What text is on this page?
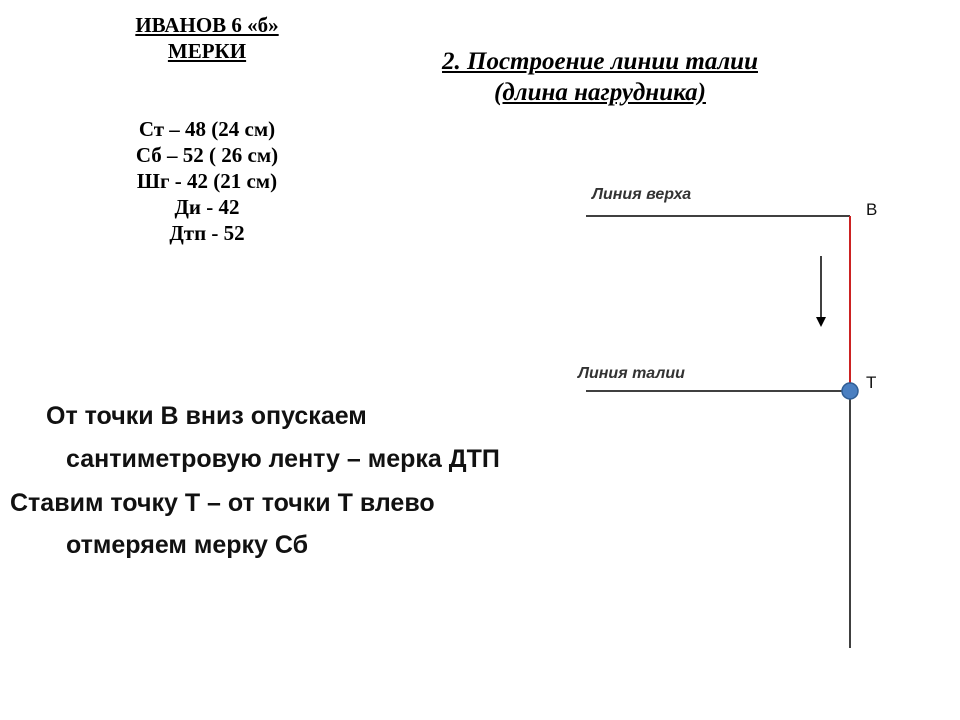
ИВАНОВ 6 «б»
МЕРКИ
Ст – 48 (24 см)
Сб – 52 ( 26 см)
Шг - 42 (21 см)
Ди - 42
Дтп - 52
2. Построение линии талии
(длина нагрудника)
Линия верха
Линия талии
В
Т
От точки В вниз опускаем
сантиметровую ленту – мерка ДТП
Ставим точку Т – от точки Т влево
отмеряем мерку Сб
